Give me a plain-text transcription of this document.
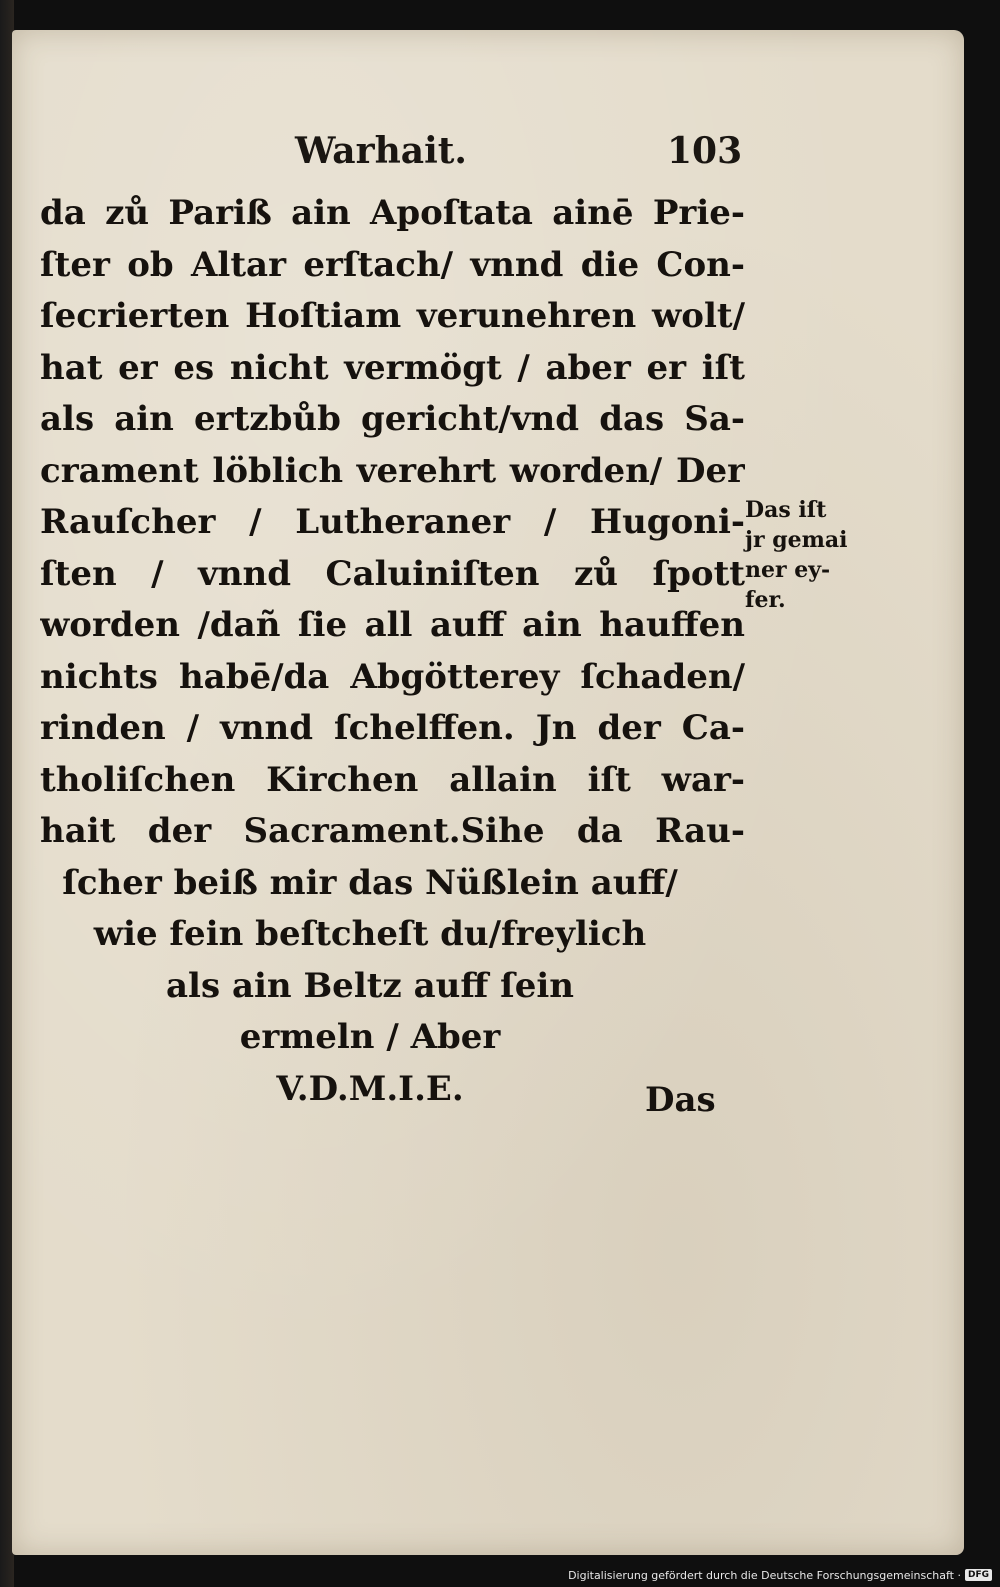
Warhait.	103
da zů Pariß ain Apoſtata ainē Prie-
ſter ob Altar erſtach/ vnnd die Con-
ſecrierten Hoſtiam verunehren wolt/
hat er es nicht vermögt / aber er iſt
als ain ertzbůb gericht/vnd das Sa-
crament löblich verehrt worden/ Der
Rauſcher / Lutheraner / Hugoni-
ſten / vnnd Caluiniſten zů ſpott
worden /dañ ſie all auff ain hauffen
nichts habē/da Abgötterey ſchaden/
rinden / vnnd ſchelffen. Jn der Ca-
tholiſchen Kirchen allain iſt war-
hait der Sacrament.Sihe da Rau-
ſcher beiß mir das Nüßlein auff/
wie fein beſtcheſt du/freylich
als ain Beltz auff ſein
ermeln / Aber
V.D.M.I.E.
Das iſt
jr gemai
ner ey-
fer.
Das
Digitalisierung gefördert durch die Deutsche Forschungsgemeinschaft · DFG
